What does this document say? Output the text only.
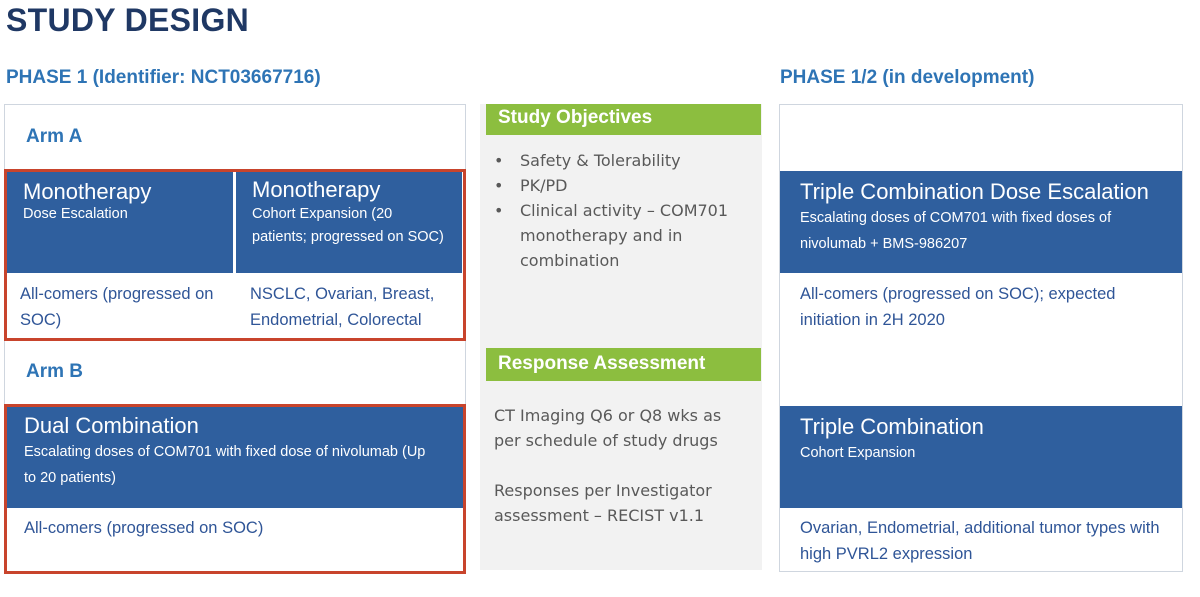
STUDY DESIGN
PHASE 1 (Identifier: NCT03667716)
Arm A
Monotherapy
Dose Escalation
Monotherapy
Cohort Expansion (20 patients; progressed on SOC)
All-comers (progressed on SOC)
NSCLC, Ovarian, Breast, Endometrial, Colorectal
Arm B
Dual Combination
Escalating doses of COM701 with fixed dose of nivolumab (Up to 20 patients)
All-comers (progressed on SOC)
Study Objectives
• Safety & Tolerability
• PK/PD
• Clinical activity – COM701 monotherapy and in combination
Response Assessment
CT Imaging Q6 or Q8 wks as per schedule of study drugs
Responses per Investigator assessment – RECIST v1.1
PHASE 1/2 (in development)
Triple Combination Dose Escalation
Escalating doses of COM701 with fixed doses of nivolumab + BMS-986207
All-comers (progressed on SOC); expected initiation in 2H 2020
Triple Combination
Cohort Expansion
Ovarian, Endometrial, additional tumor types with high PVRL2 expression
